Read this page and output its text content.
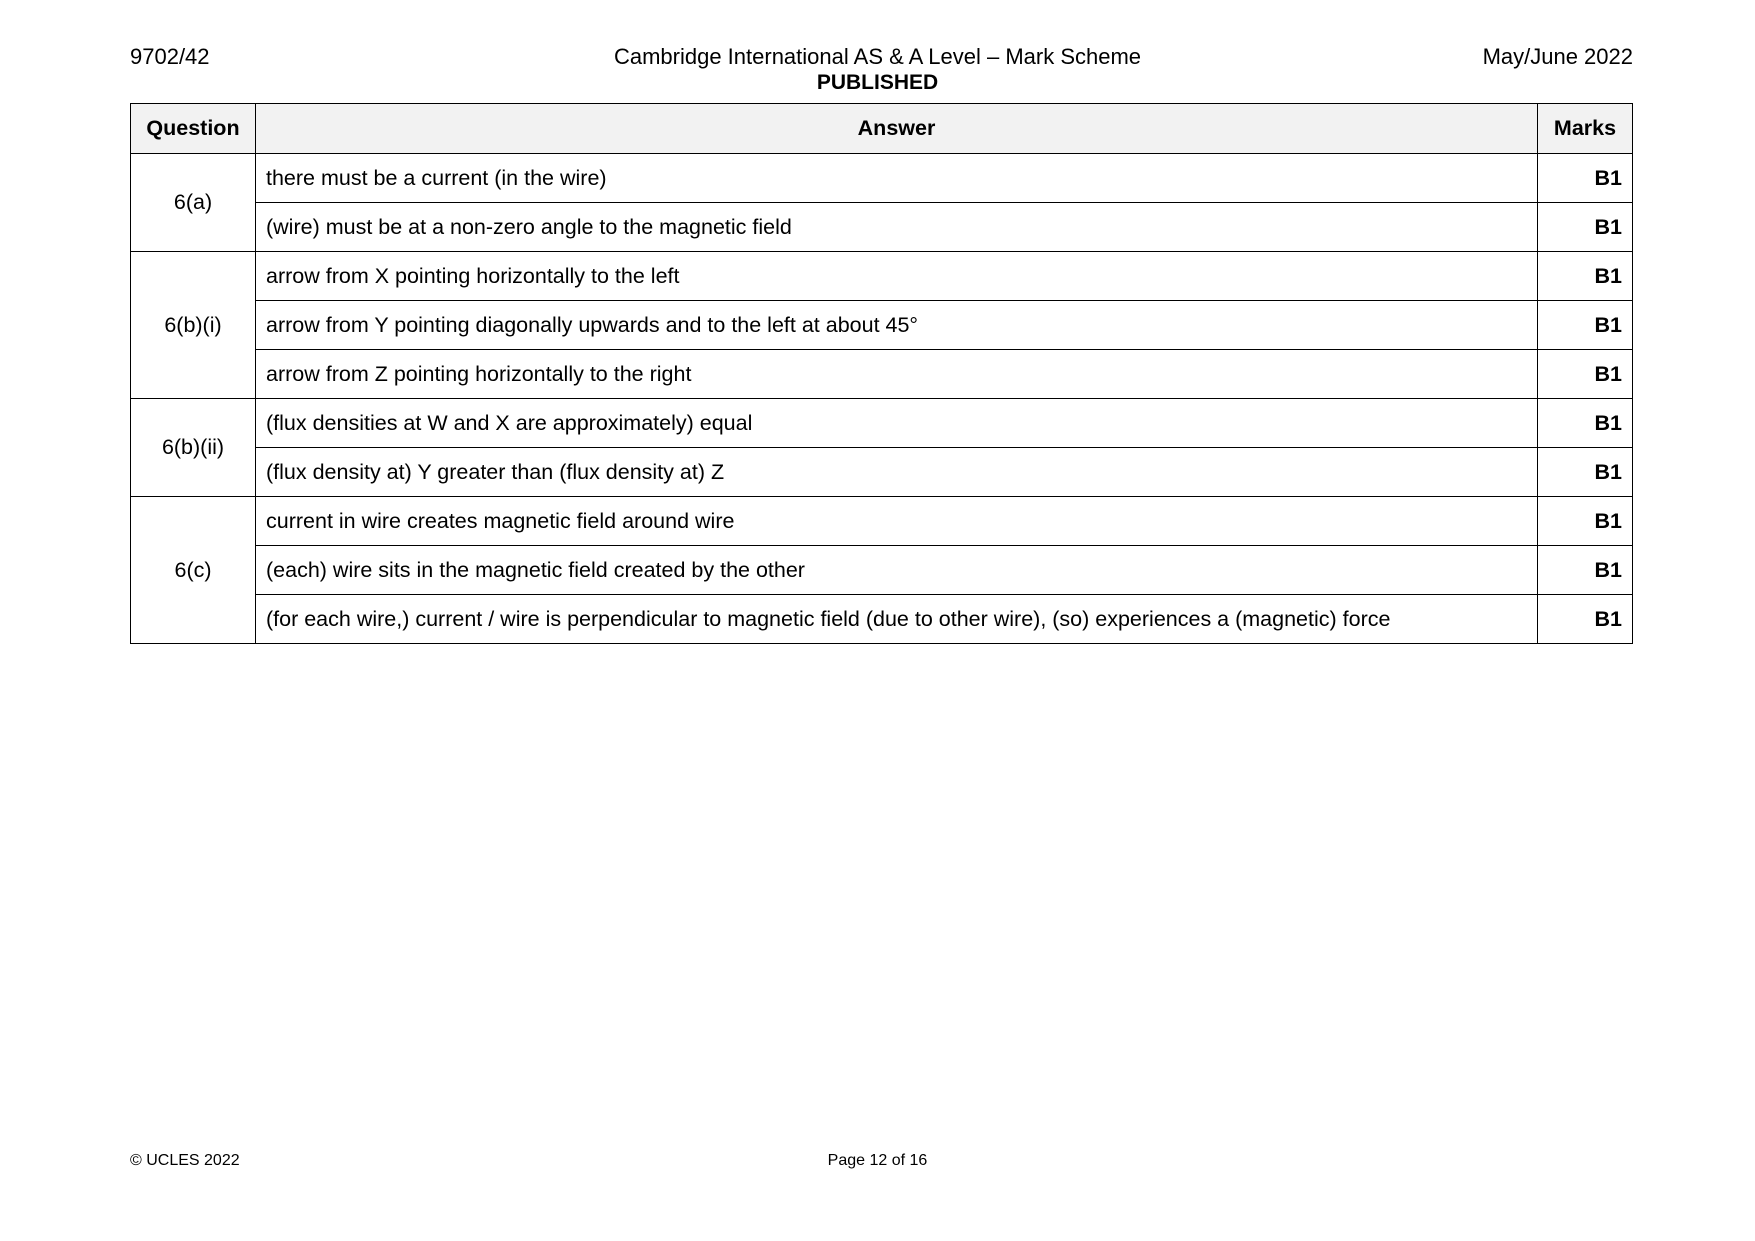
9702/42	Cambridge International AS & A Level – Mark Scheme
PUBLISHED
May/June 2022
Question	Answer	Marks
6(a)	there must be a current (in the wire)	B1
	(wire) must be at a non-zero angle to the magnetic field	B1
6(b)(i)	arrow from X pointing horizontally to the left	B1
	arrow from Y pointing diagonally upwards and to the left at about 45°	B1
	arrow from Z pointing horizontally to the right	B1
6(b)(ii)	(flux densities at W and X are approximately) equal	B1
	(flux density at) Y greater than (flux density at) Z	B1
6(c)	current in wire creates magnetic field around wire	B1
	(each) wire sits in the magnetic field created by the other	B1
	(for each wire,) current / wire is perpendicular to magnetic field (due to other wire), (so) experiences a (magnetic) force	B1
© UCLES 2022	Page 12 of 16
